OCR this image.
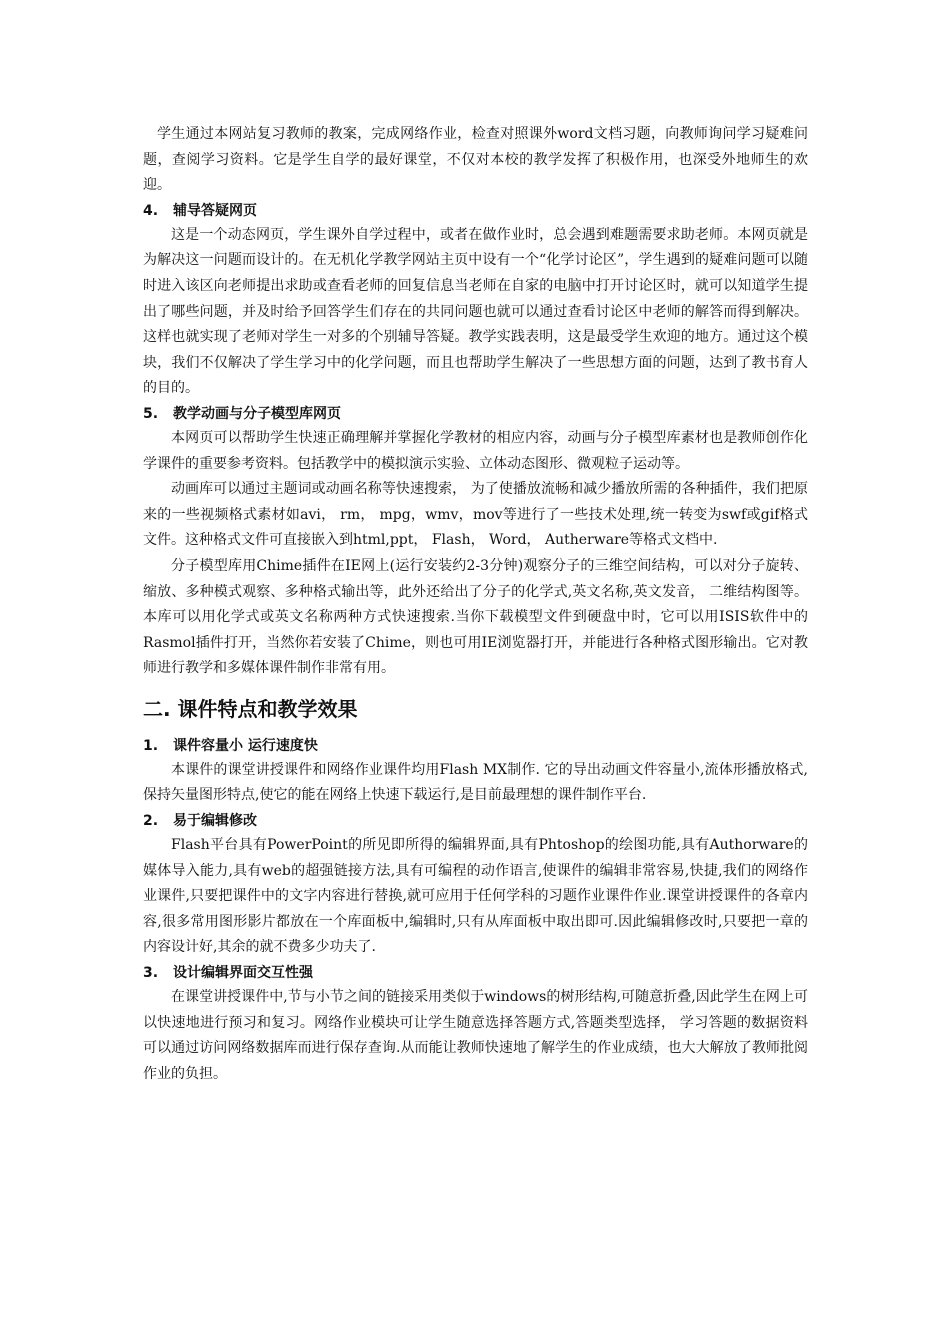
学生通过本网站复习教师的教案，完成网络作业，检查对照课外word文档习题，向教师询问学习疑难问题，查阅学习资料。它是学生自学的最好课堂，不仅对本校的教学发挥了积极作用，也深受外地师生的欢迎。

4. 辅导答疑网页

这是一个动态网页，学生课外自学过程中，或者在做作业时，总会遇到难题需要求助老师。本网页就是为解决这一问题而设计的。在无机化学教学网站主页中设有一个“化学讨论区”，学生遇到的疑难问题可以随时进入该区向老师提出求助或查看老师的回复信息当老师在自家的电脑中打开讨论区时，就可以知道学生提出了哪些问题，并及时给予回答学生们存在的共同问题也就可以通过查看讨论区中老师的解答而得到解决。这样也就实现了老师对学生一对多的个别辅导答疑。教学实践表明，这是最受学生欢迎的地方。通过这个模块，我们不仅解决了学生学习中的化学问题，而且也帮助学生解决了一些思想方面的问题，达到了教书育人的目的。

5. 教学动画与分子模型库网页

本网页可以帮助学生快速正确理解并掌握化学教材的相应内容，动画与分子模型库素材也是教师创作化学课件的重要参考资料。包括教学中的模拟演示实验、立体动态图形、微观粒子运动等。

动画库可以通过主题词或动画名称等快速搜索， 为了使播放流畅和减少播放所需的各种插件，我们把原来的一些视频格式素材如avi， rm， mpg，wmv，mov等进行了一些技术处理,统一转变为swf或gif格式文件。这种格式文件可直接嵌入到html,ppt， Flash， Word， Autherware等格式文档中.

分子模型库用Chime插件在IE网上(运行安装约2-3分钟)观察分子的三维空间结构，可以对分子旋转、缩放、多种模式观察、多种格式输出等，此外还给出了分子的化学式,英文名称,英文发音， 二维结构图等。本库可以用化学式或英文名称两种方式快速搜索.当你下载模型文件到硬盘中时，它可以用ISIS软件中的Rasmol插件打开，当然你若安装了Chime，则也可用IE浏览器打开，并能进行各种格式图形输出。它对教师进行教学和多媒体课件制作非常有用。

二. 课件特点和教学效果
1. 课件容量小 运行速度快

本课件的课堂讲授课件和网络作业课件均用Flash MX制作. 它的导出动画文件容量小,流体形播放格式,保持矢量图形特点,使它的能在网络上快速下载运行,是目前最理想的课件制作平台.

2. 易于编辑修改

Flash平台具有PowerPoint的所见即所得的编辑界面,具有Phtoshop的绘图功能,具有Authorware的媒体导入能力,具有web的超强链接方法,具有可编程的动作语言,使课件的编辑非常容易,快捷,我们的网络作业课件,只要把课件中的文字内容进行替换,就可应用于任何学科的习题作业课件作业.课堂讲授课件的各章内容,很多常用图形影片都放在一个库面板中,编辑时,只有从库面板中取出即可.因此编辑修改时,只要把一章的内容设计好,其余的就不费多少功夫了.

3. 设计编辑界面交互性强

在课堂讲授课件中,节与小节之间的链接采用类似于windows的树形结构,可随意折叠,因此学生在网上可以快速地进行预习和复习。网络作业模块可让学生随意选择答题方式,答题类型选择， 学习答题的数据资料可以通过访问网络数据库而进行保存查询.从而能让教师快速地了解学生的作业成绩，也大大解放了教师批阅作业的负担。
